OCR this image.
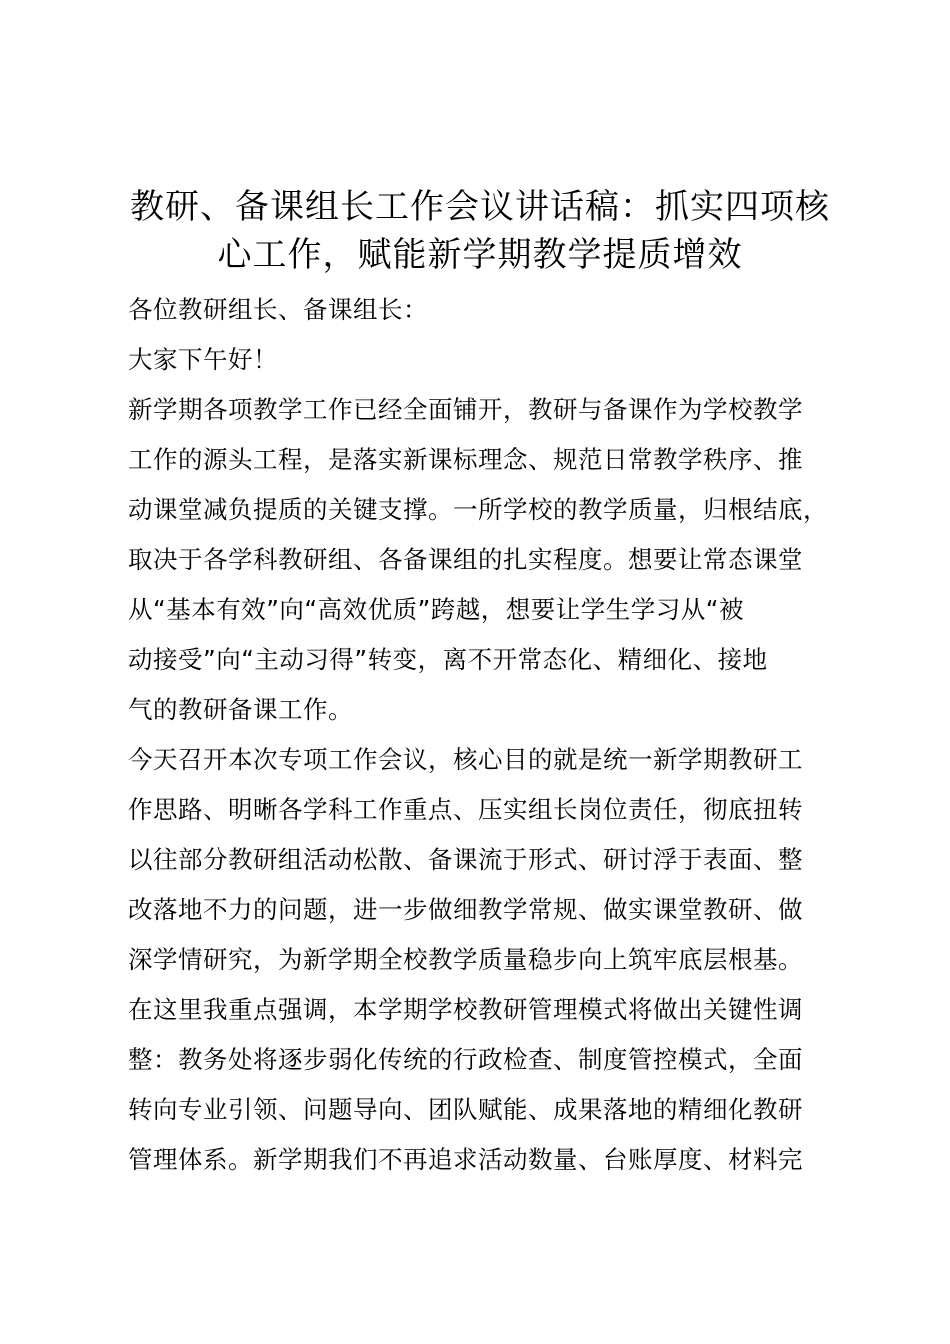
教研、备课组长工作会议讲话稿：抓实四项核
心工作，赋能新学期教学提质增效

各位教研组长、备课组长：

大家下午好！

新学期各项教学工作已经全面铺开，教研与备课作为学校教学
工作的源头工程，是落实新课标理念、规范日常教学秩序、推
动课堂减负提质的关键支撑。一所学校的教学质量，归根结底，
取决于各学科教研组、各备课组的扎实程度。想要让常态课堂
从“基本有效”向“高效优质”跨越，想要让学生学习从“被
动接受”向“主动习得”转变，离不开常态化、精细化、接地
气的教研备课工作。

今天召开本次专项工作会议，核心目的就是统一新学期教研工
作思路、明晰各学科工作重点、压实组长岗位责任，彻底扭转
以往部分教研组活动松散、备课流于形式、研讨浮于表面、整
改落地不力的问题，进一步做细教学常规、做实课堂教研、做
深学情研究，为新学期全校教学质量稳步向上筑牢底层根基。

在这里我重点强调，本学期学校教研管理模式将做出关键性调
整：教务处将逐步弱化传统的行政检查、制度管控模式，全面
转向专业引领、问题导向、团队赋能、成果落地的精细化教研
管理体系。新学期我们不再追求活动数量、台账厚度、材料完
